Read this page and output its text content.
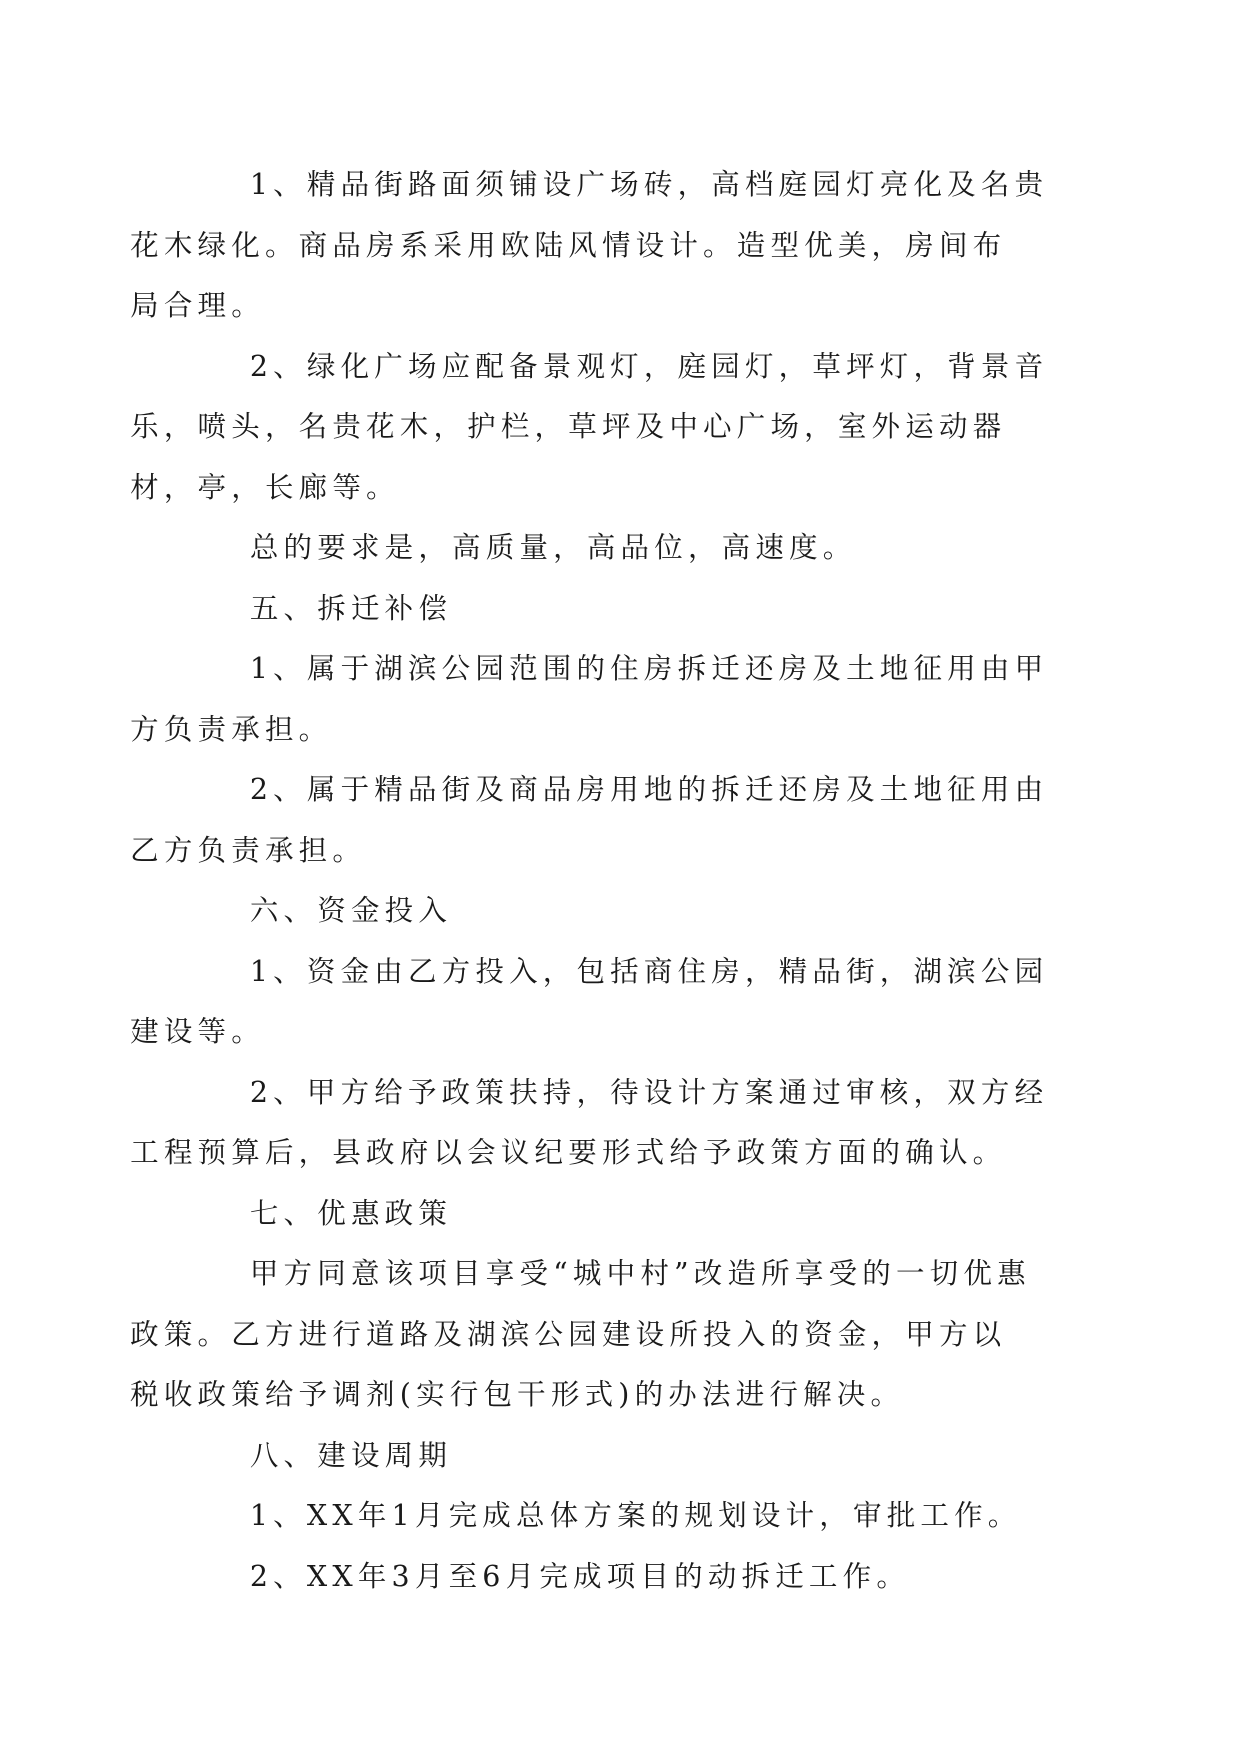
1、精品街路面须铺设广场砖，高档庭园灯亮化及名贵
花木绿化。商品房系采用欧陆风情设计。造型优美，房间布
局合理。

2、绿化广场应配备景观灯，庭园灯，草坪灯，背景音
乐，喷头，名贵花木，护栏，草坪及中心广场，室外运动器
材，亭，长廊等。

总的要求是，高质量，高品位，高速度。

五、拆迁补偿

1、属于湖滨公园范围的住房拆迁还房及土地征用由甲
方负责承担。

2、属于精品街及商品房用地的拆迁还房及土地征用由
乙方负责承担。

六、资金投入

1、资金由乙方投入，包括商住房，精品街，湖滨公园
建设等。

2、甲方给予政策扶持，待设计方案通过审核，双方经
工程预算后，县政府以会议纪要形式给予政策方面的确认。

七、优惠政策

甲方同意该项目享受“城中村”改造所享受的一切优惠
政策。乙方进行道路及湖滨公园建设所投入的资金，甲方以
税收政策给予调剂(实行包干形式)的办法进行解决。

八、建设周期

1、XX年1月完成总体方案的规划设计，审批工作。

2、XX年3月至6月完成项目的动拆迁工作。
